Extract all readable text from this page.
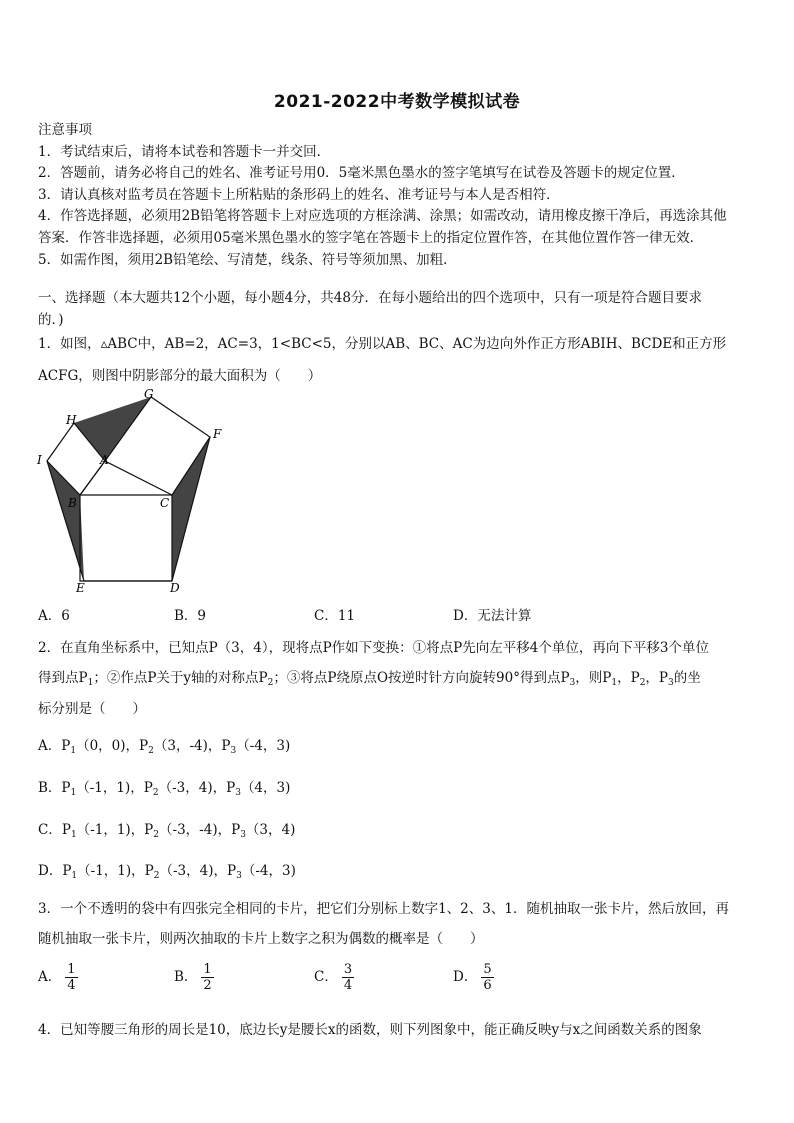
2021-2022中考数学模拟试卷
注意事项
1．考试结束后，请将本试卷和答题卡一并交回．
2．答题前，请务必将自己的姓名、准考证号用0．5毫米黑色墨水的签字笔填写在试卷及答题卡的规定位置．
3．请认真核对监考员在答题卡上所粘贴的条形码上的姓名、准考证号与本人是否相符．
4．作答选择题，必须用2B铅笔将答题卡上对应选项的方框涂满、涂黑；如需改动，请用橡皮擦干净后，再选涂其他
答案．作答非选择题，必须用05毫米黑色墨水的签字笔在答题卡上的指定位置作答，在其他位置作答一律无效．
5．如需作图，须用2B铅笔绘、写清楚，线条、符号等须加黑、加粗．
一、选择题（本大题共12个小题，每小题4分，共48分．在每小题给出的四个选项中，只有一项是符合题目要求
的．)
1．如图，▵ABC中，AB=2，AC=3，1<BC<5，分别以AB、BC、AC为边向外作正方形ABIH、BCDE和正方形
ACFG，则图中阴影部分的最大面积为（　　）
G
H
F
I	A
B	C
E	D
A．6	B．9	C．11	D．无法计算
2．在直角坐标系中，已知点P（3，4），现将点P作如下变换：①将点P先向左平移4个单位，再向下平移3个单位
得到点$P_1$；②作点P关于y轴的对称点$P_2$；③将点P绕原点O按逆时针方向旋转90°得到点$P_3$，则$P_1$，$P_2$，$P_3$的坐
标分别是（　　）
A．$P_1(0$，0)，$P_2(3$，-4)，$P_3(-4$，3)
B．$P_1(-1$，1)，$P_2(-3$，4)，$P_3(4$，3)
C．$P_1(-1$，1)，$P_2(-3$，-4)，$P_3(3$，4)
D．$P_1(-1$，1)，$P_2(-3$，4)，$P_3(-4$，3)
3．一个不透明的袋中有四张完全相同的卡片，把它们分别标上数字1、2、3、1．随机抽取一张卡片，然后放回，再
随机抽取一张卡片，则两次抽取的卡片上数字之积为偶数的概率是（　　）
A． $\frac{1}{4}$	B． $\frac{1}{2}$	C． $\frac{3}{4}$	D． $\frac{5}{6}$
4．已知等腰三角形的周长是10，底边长y是腰长x的函数，则下列图象中，能正确反映y与x之间函数关系的图象
